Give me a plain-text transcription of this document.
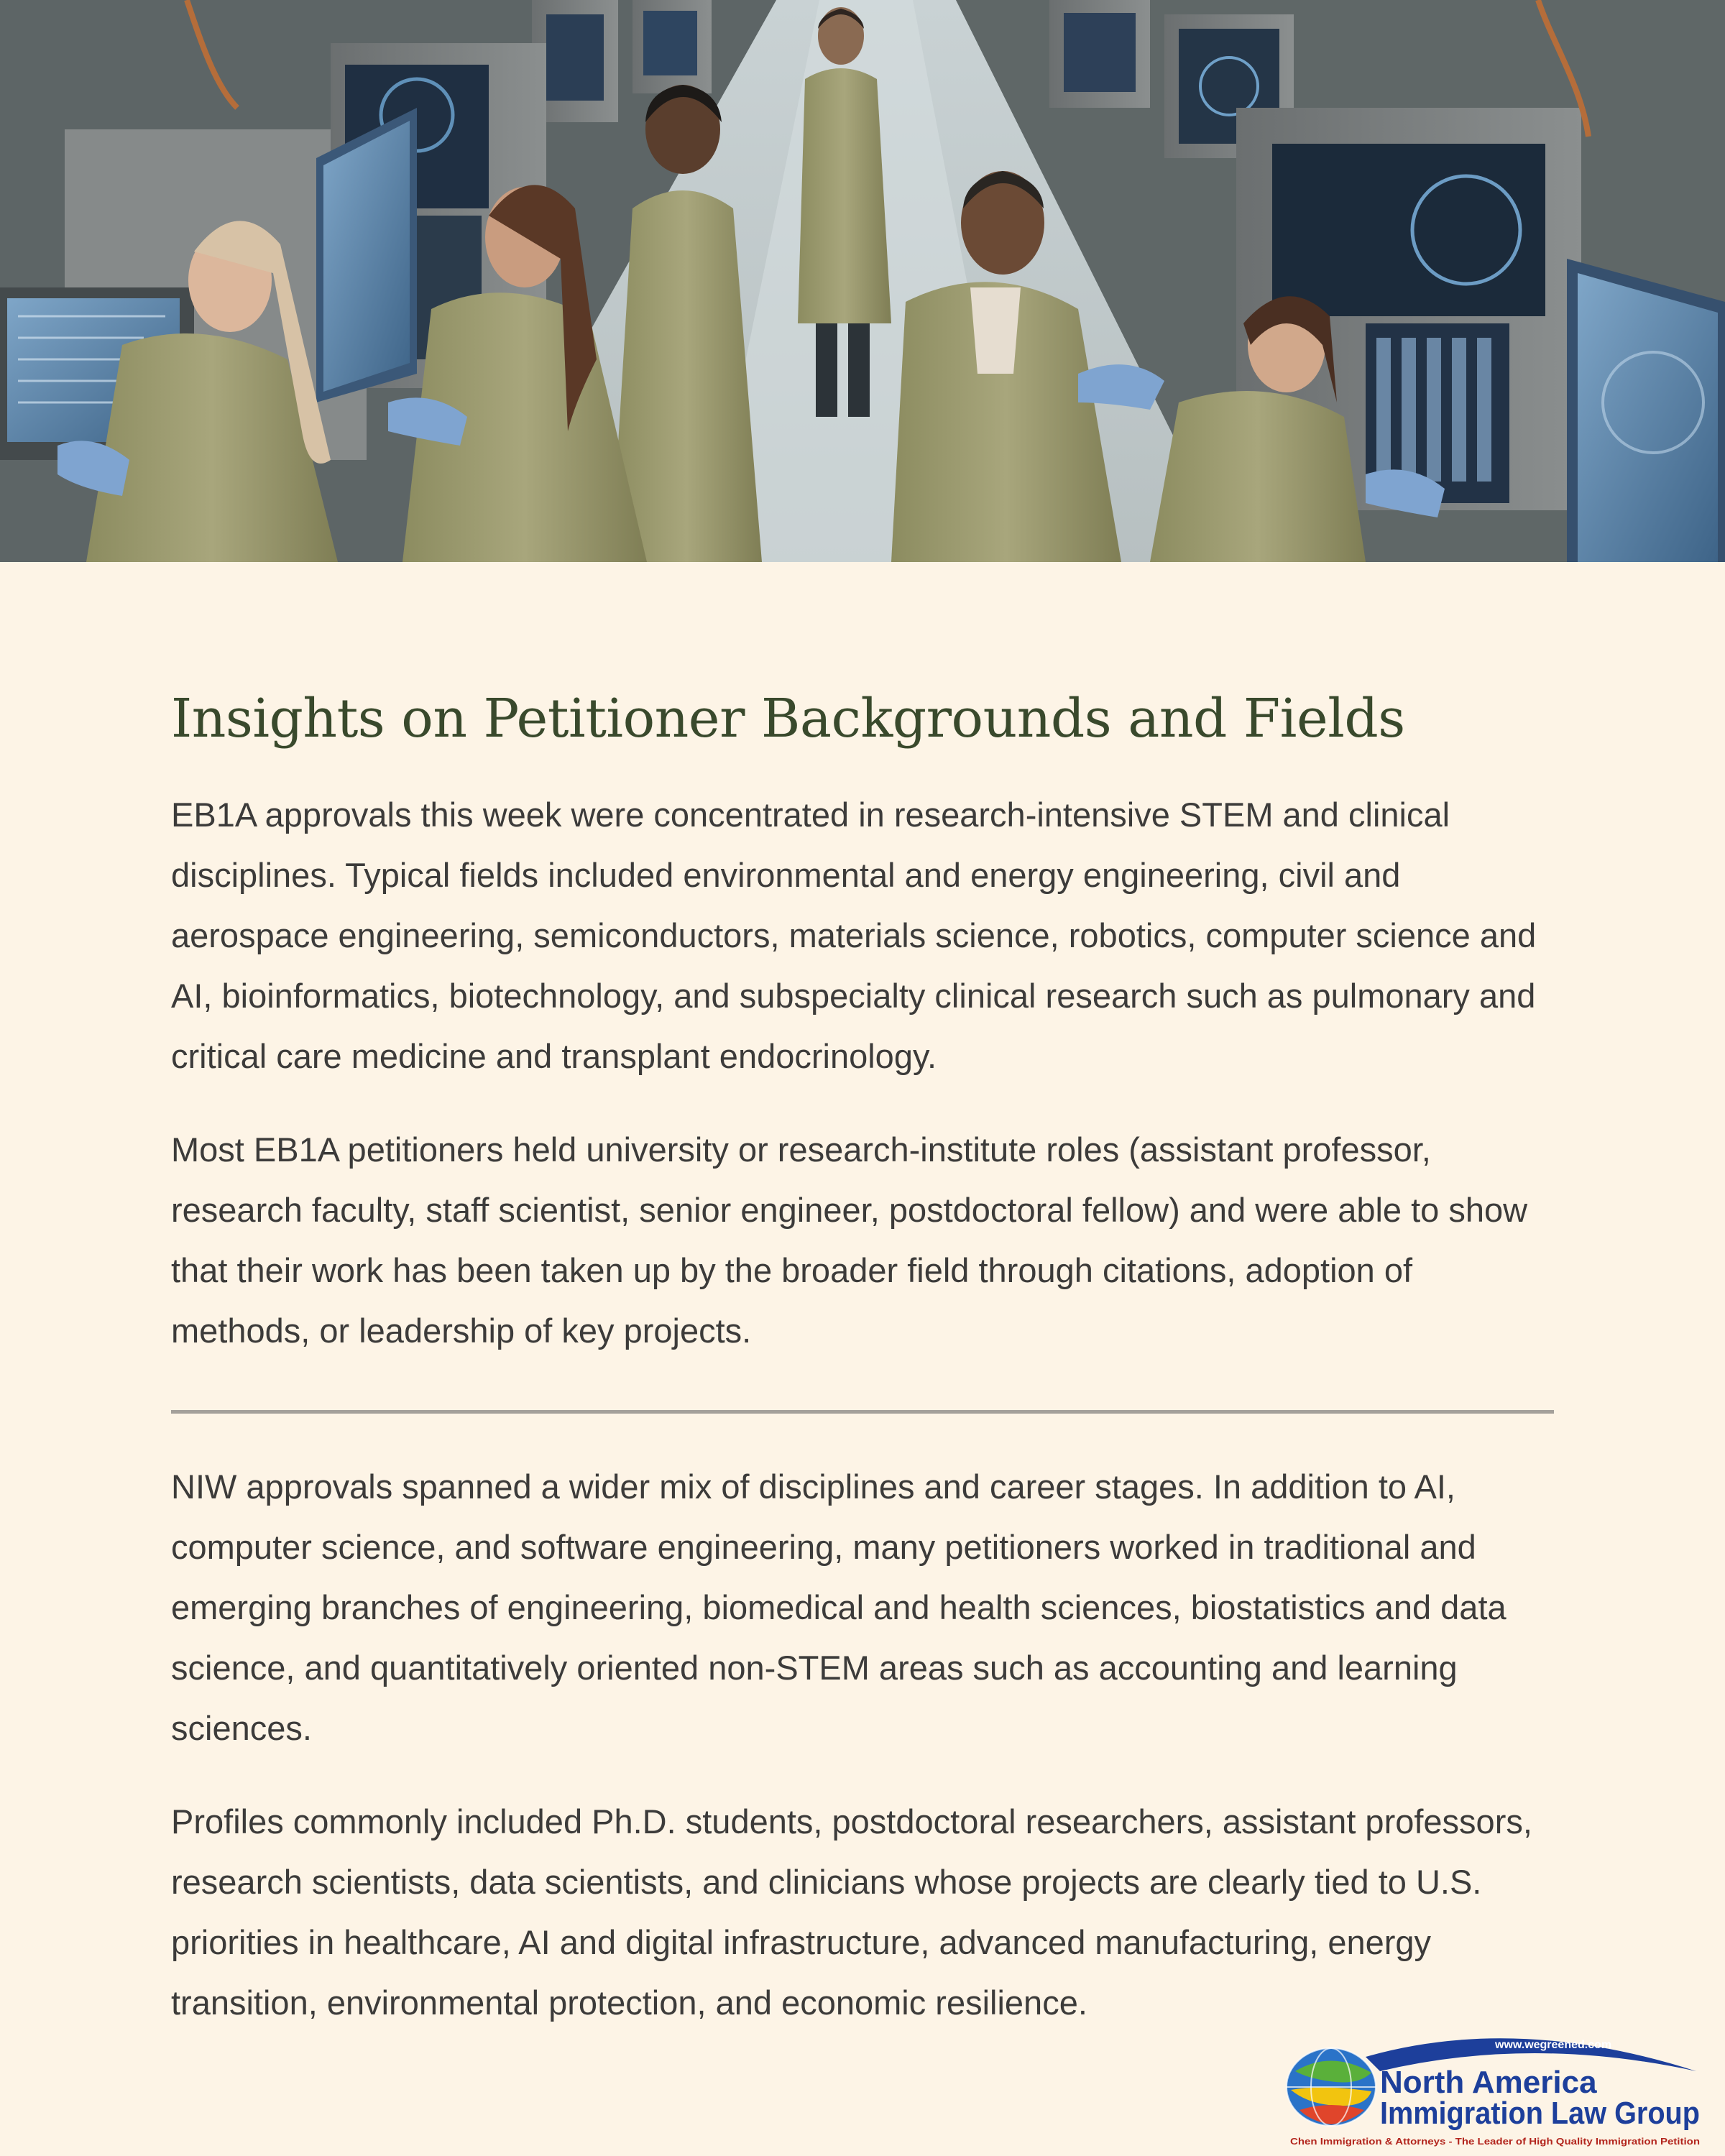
Insights on Petitioner Backgrounds and Fields

EB1A approvals this week were concentrated in research-intensive STEM and clinical disciplines. Typical fields included environmental and energy engineering, civil and aerospace engineering, semiconductors, materials science, robotics, computer science and AI, bioinformatics, biotechnology, and subspecialty clinical research such as pulmonary and critical care medicine and transplant endocrinology.

Most EB1A petitioners held university or research-institute roles (assistant professor, research faculty, staff scientist, senior engineer, postdoctoral fellow) and were able to show that their work has been taken up by the broader field through citations, adoption of methods, or leadership of key projects.

NIW approvals spanned a wider mix of disciplines and career stages. In addition to AI, computer science, and software engineering, many petitioners worked in traditional and emerging branches of engineering, biomedical and health sciences, biostatistics and data science, and quantitatively oriented non-STEM areas such as accounting and learning sciences.

Profiles commonly included Ph.D. students, postdoctoral researchers, assistant professors, research scientists, data scientists, and clinicians whose projects are clearly tied to U.S. priorities in healthcare, AI and digital infrastructure, advanced manufacturing, energy transition, environmental protection, and economic resilience.

www.wegreened.com
North America
Immigration Law Group
Chen Immigration & Attorneys - The Leader of High Quality Immigration Petition
